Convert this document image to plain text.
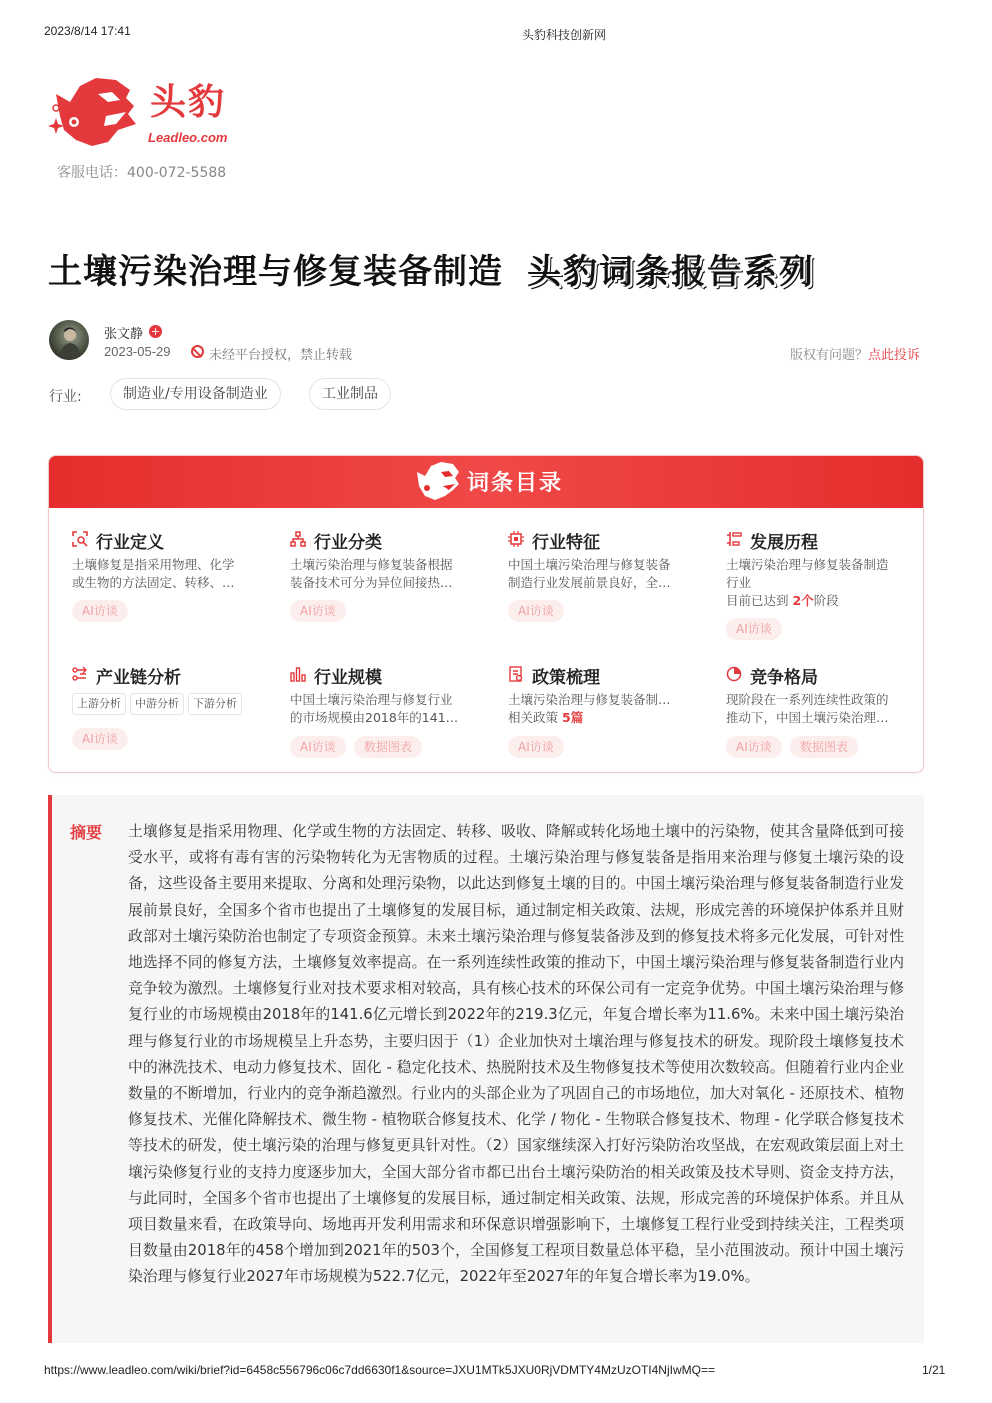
2023/8/14 17:41	头豹科技创新网
头豹
Leadleo.com
客服电话：400-072-5588
土壤污染治理与修复装备制造 头豹词条报告系列
张文静 +
2023-05-29	未经平台授权，禁止转载	版权有问题？点此投诉
行业:	制造业/专用设备制造业	工业制品
词条目录
行业定义
土壤修复是指采用物理、化学
或生物的方法固定、转移、…
AI访谈
行业分类
土壤污染治理与修复装备根据
装备技术可分为异位间接热…
AI访谈
行业特征
中国土壤污染治理与修复装备
制造行业发展前景良好，全…
AI访谈
发展历程
土壤污染治理与修复装备制造
行业
目前已达到 2个阶段
AI访谈
产业链分析
上游分析	中游分析	下游分析
AI访谈
行业规模
中国土壤污染治理与修复行业
的市场规模由2018年的141…
AI访谈	数据图表
政策梳理
土壤污染治理与修复装备制…
相关政策 5篇
AI访谈
竞争格局
现阶段在一系列连续性政策的
推动下，中国土壤污染治理…
AI访谈	数据图表
摘要 土壤修复是指采用物理、化学或生物的方法固定、转移、吸收、降解或转化场地土壤中的污染物，使其含量降低到可接受水平，或将有毒有害的污染物转化为无害物质的过程。土壤污染治理与修复装备是指用来治理与修复土壤污染的设备，这些设备主要用来提取、分离和处理污染物，以此达到修复土壤的目的。中国土壤污染治理与修复装备制造行业发展前景良好，全国多个省市也提出了土壤修复的发展目标，通过制定相关政策、法规，形成完善的环境保护体系并且财政部对土壤污染防治也制定了专项资金预算。未来土壤污染治理与修复装备涉及到的修复技术将多元化发展，可针对性地选择不同的修复方法，土壤修复效率提高。在一系列连续性政策的推动下，中国土壤污染治理与修复装备制造行业内竞争较为激烈。土壤修复行业对技术要求相对较高，具有核心技术的环保公司有一定竞争优势。中国土壤污染治理与修复行业的市场规模由2018年的141.6亿元增长到2022年的219.3亿元，年复合增长率为11.6%。未来中国土壤污染治理与修复行业的市场规模呈上升态势，主要归因于（1）企业加快对土壤治理与修复技术的研发。现阶段土壤修复技术中的淋洗技术、电动力修复技术、固化 - 稳定化技术、热脱附技术及生物修复技术等使用次数较高。但随着行业内企业数量的不断增加，行业内的竞争渐趋激烈。行业内的头部企业为了巩固自己的市场地位，加大对氧化 - 还原技术、植物修复技术、光催化降解技术、微生物 - 植物联合修复技术、化学 / 物化 - 生物联合修复技术、物理 - 化学联合修复技术等技术的研发，使土壤污染的治理与修复更具针对性。（2）国家继续深入打好污染防治攻坚战，在宏观政策层面上对土壤污染修复行业的支持力度逐步加大，全国大部分省市都已出台土壤污染防治的相关政策及技术导则、资金支持方法，与此同时，全国多个省市也提出了土壤修复的发展目标，通过制定相关政策、法规，形成完善的环境保护体系。并且从项目数量来看，在政策导向、场地再开发利用需求和环保意识增强影响下，土壤修复工程行业受到持续关注，工程类项目数量由2018年的458个增加到2021年的503个，全国修复工程项目数量总体平稳，呈小范围波动。预计中国土壤污染治理与修复行业2027年市场规模为522.7亿元，2022年至2027年的年复合增长率为19.0%。

https://www.leadleo.com/wiki/brief?id=6458c556796c06c7dd6630f1&source=JXU1MTk5JXU0RjVDMTY4MzUzOTI4NjIwMQ==	1/21
